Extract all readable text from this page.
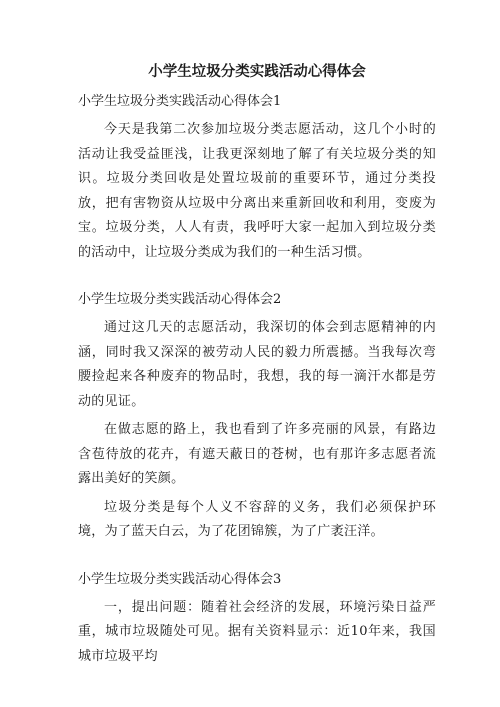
小学生垃圾分类实践活动心得体会
小学生垃圾分类实践活动心得体会1

今天是我第二次参加垃圾分类志愿活动，这几个小时的活动让我受益匪浅，让我更深刻地了解了有关垃圾分类的知识。垃圾分类回收是处置垃圾前的重要环节，通过分类投放，把有害物资从垃圾中分离出来重新回收和利用，变废为宝。垃圾分类，人人有责，我呼吁大家一起加入到垃圾分类的活动中，让垃圾分类成为我们的一种生活习惯。

小学生垃圾分类实践活动心得体会2

通过这几天的志愿活动，我深切的体会到志愿精神的内涵，同时我又深深的被劳动人民的毅力所震撼。当我每次弯腰捡起来各种废弃的物品时，我想，我的每一滴汗水都是劳动的见证。

在做志愿的路上，我也看到了许多亮丽的风景，有路边含苞待放的花卉，有遮天蔽日的苍树，也有那许多志愿者流露出美好的笑颜。

垃圾分类是每个人义不容辞的义务，我们必须保护环境，为了蓝天白云，为了花团锦簇，为了广袤汪洋。

小学生垃圾分类实践活动心得体会3

一，提出问题：随着社会经济的发展，环境污染日益严重，城市垃圾随处可见。据有关资料显示：近10年来，我国城市垃圾平均
